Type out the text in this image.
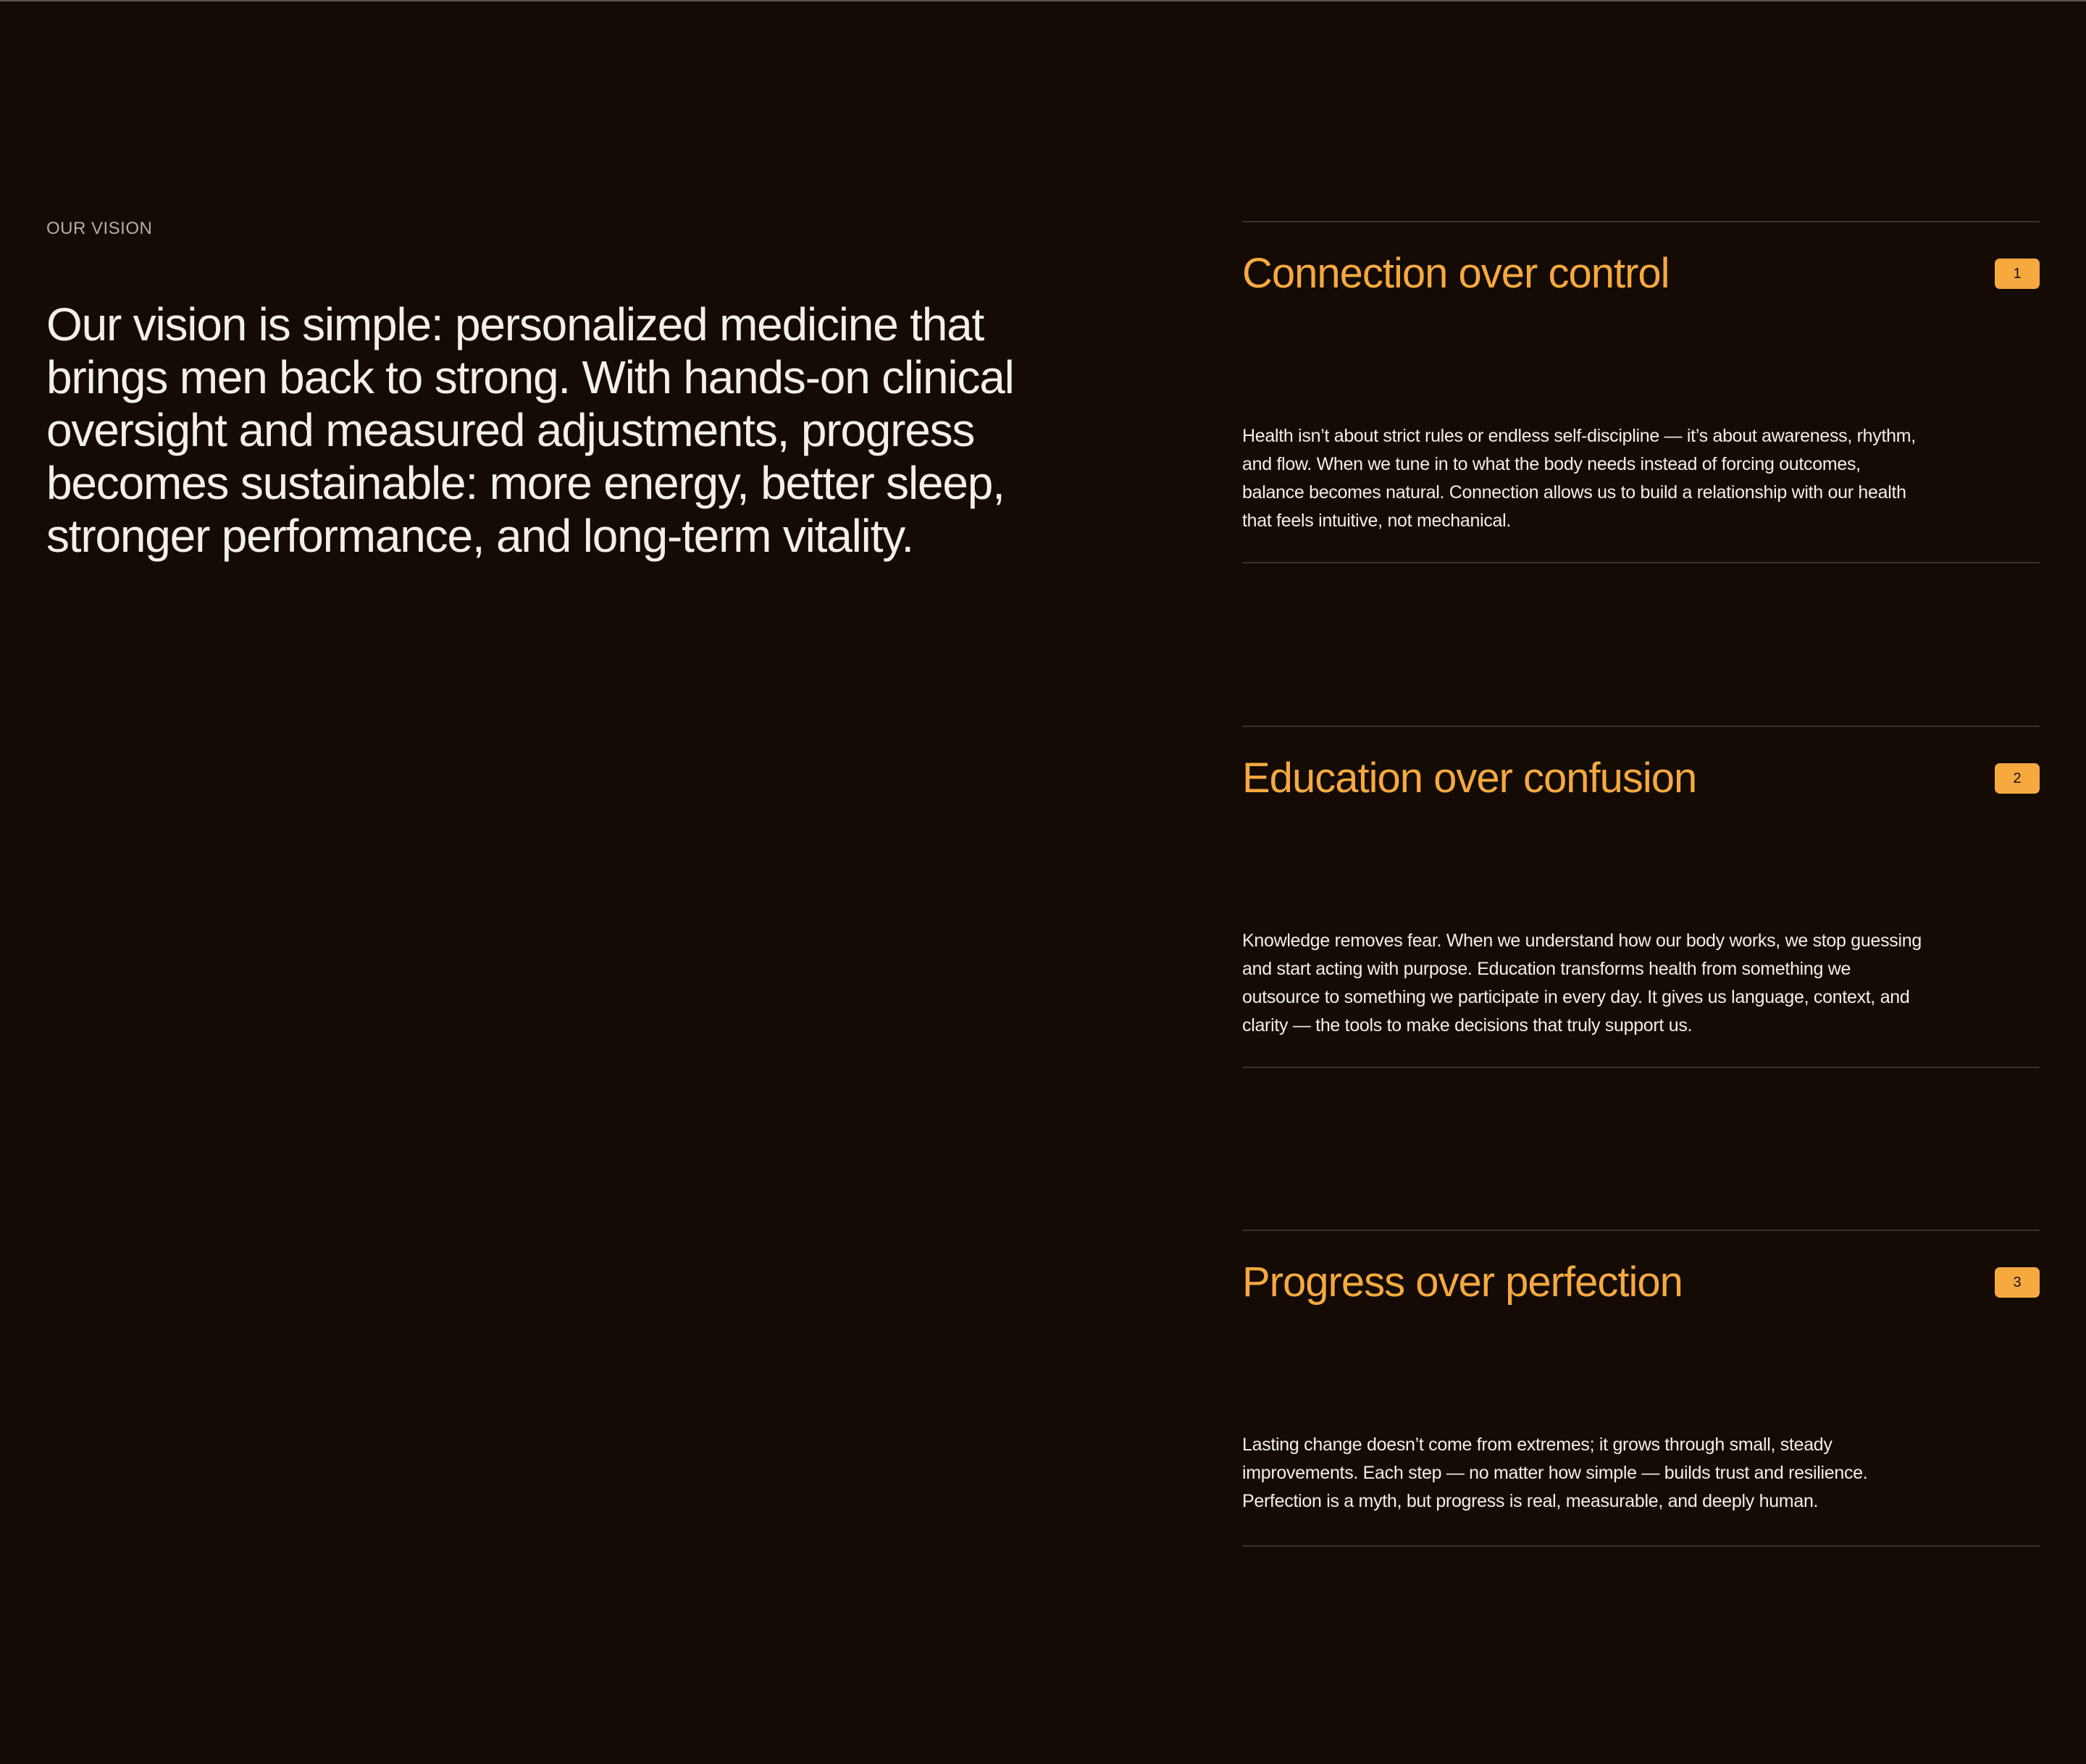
OUR VISION

Our vision is simple: personalized medicine that brings men back to strong. With hands-on clinical oversight and measured adjustments, progress becomes sustainable: more energy, better sleep, stronger performance, and long-term vitality.
Connection over control	1

Health isn’t about strict rules or endless self-discipline — it’s about awareness, rhythm, and flow. When we tune in to what the body needs instead of forcing outcomes, balance becomes natural. Connection allows us to build a relationship with our health that feels intuitive, not mechanical.

Education over confusion	2

Knowledge removes fear. When we understand how our body works, we stop guessing and start acting with purpose. Education transforms health from something we outsource to something we participate in every day. It gives us language, context, and clarity — the tools to make decisions that truly support us.

Progress over perfection	3

Lasting change doesn’t come from extremes; it grows through small, steady improvements. Each step — no matter how simple — builds trust and resilience. Perfection is a myth, but progress is real, measurable, and deeply human.
